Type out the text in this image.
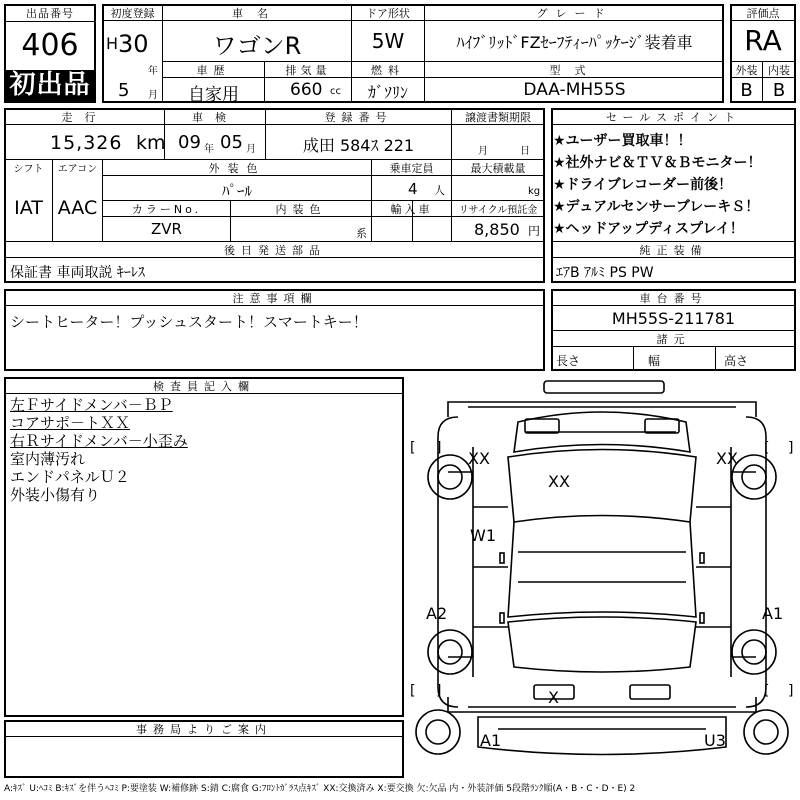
出品番号
406
初出品
初度登録
H 30
年
5 月
車名
ワゴンR
ドア形状
5W
グレード
ﾊｲﾌﾞﾘｯﾄﾞFZｾｰﾌﾃｨｰﾊﾟｯｹｰｼﾞ装着車
車歴
自家用
排気量
660 cc
燃料
ｶﾞｿﾘﾝ
型式
DAA-MH55S
評価点
RA
外装 内装
B	B
走行
15,326 km
車検
09 年 05 月
登録番号
成田 584ｽ 221
譲渡書類期限
月	日
シフト
IAT
エアコン
AAC
外装色
ﾊﾟｰﾙ
乗車定員
4 人
最大積載量
kg
カラーNo.
ZVR
内装色
系
輸入車	リサイクル預託金
8,850 円
後日発送部品
保証書 車両取説 ｷｰﾚｽ
セールスポイント
★ユーザー買取車！！
★社外ナビ＆ＴＶ＆Ｂモニター！
★ドライブレコーダー前後！
★デュアルセンサーブレーキＳ！
★ヘッドアップディスプレイ！
純正装備
ｴｱB ｱﾙﾐ PS PW
注意事項欄
シートヒーター！プッシュスタート！スマートキー！
車台番号
MH55S-211781
諸元
長さ	幅	高さ
検査員記入欄
左Ｆサイドメンバ－ＢＰ
コアサポ－トＸＸ
右Ｒサイドメンバ－小歪み
室内薄汚れ
エンドパネルＵ２
外装小傷有り
事務局よりご案内
[ ]	[ ]
[ ]	[ ]
XX
XX
XX
W1
A2	A1
X
A1	U3
A:ｷｽﾞ U:ﾍｺﾐ B:ｷｽﾞを伴うﾍｺﾐ P:要塗装 W:補修跡 S:錆 C:腐食 G:ﾌﾛﾝﾄｶﾞﾗｽ点ｷｽﾞ XX:交換済み X:要交換 欠:欠品 内・外装評価 5段階ﾗﾝｸ順(A・B・C・D・E) 2
